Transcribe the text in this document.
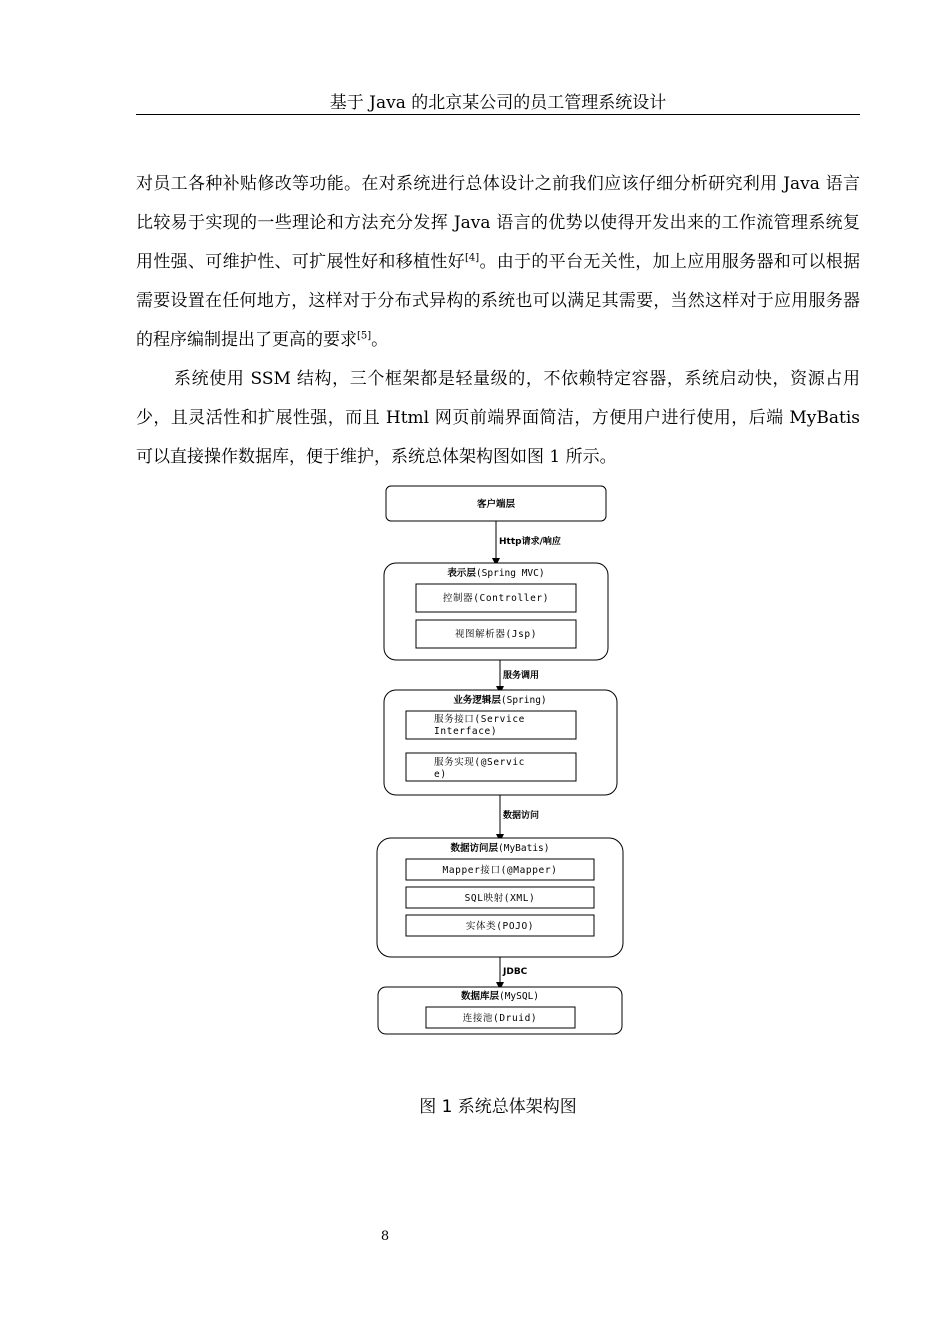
基于 Java 的北京某公司的员工管理系统设计

对员工各种补贴修改等功能。在对系统进行总体设计之前我们应该仔细分析研究利用 Java 语言比较易于实现的一些理论和方法充分发挥 Java 语言的优势以使得开发出来的工作流管理系统复用性强、可维护性、可扩展性好和移植性好[4]。由于的平台无关性，加上应用服务器和可以根据需要设置在任何地方，这样对于分布式异构的系统也可以满足其需要，当然这样对于应用服务器的程序编制提出了更高的要求[5]。

系统使用 SSM 结构，三个框架都是轻量级的，不依赖特定容器，系统启动快，资源占用少，且灵活性和扩展性强，而且 Html 网页前端界面简洁，方便用户进行使用，后端 MyBatis 可以直接操作数据库，便于维护，系统总体架构图如图 1 所示。

客户端层
Http请求/响应
表示层(Spring MVC)
控制器(Controller)
视图解析器(Jsp)
服务调用
业务逻辑层(Spring)
服务接口(Service
Interface)
服务实现(@Servic
e)
数据访问
数据访问层(MyBatis)
Mapper接口(@Mapper)
SQL映射(XML)
实体类(POJO)
JDBC
数据库层(MySQL)
连接池(Druid)
图 1 系统总体架构图
8
